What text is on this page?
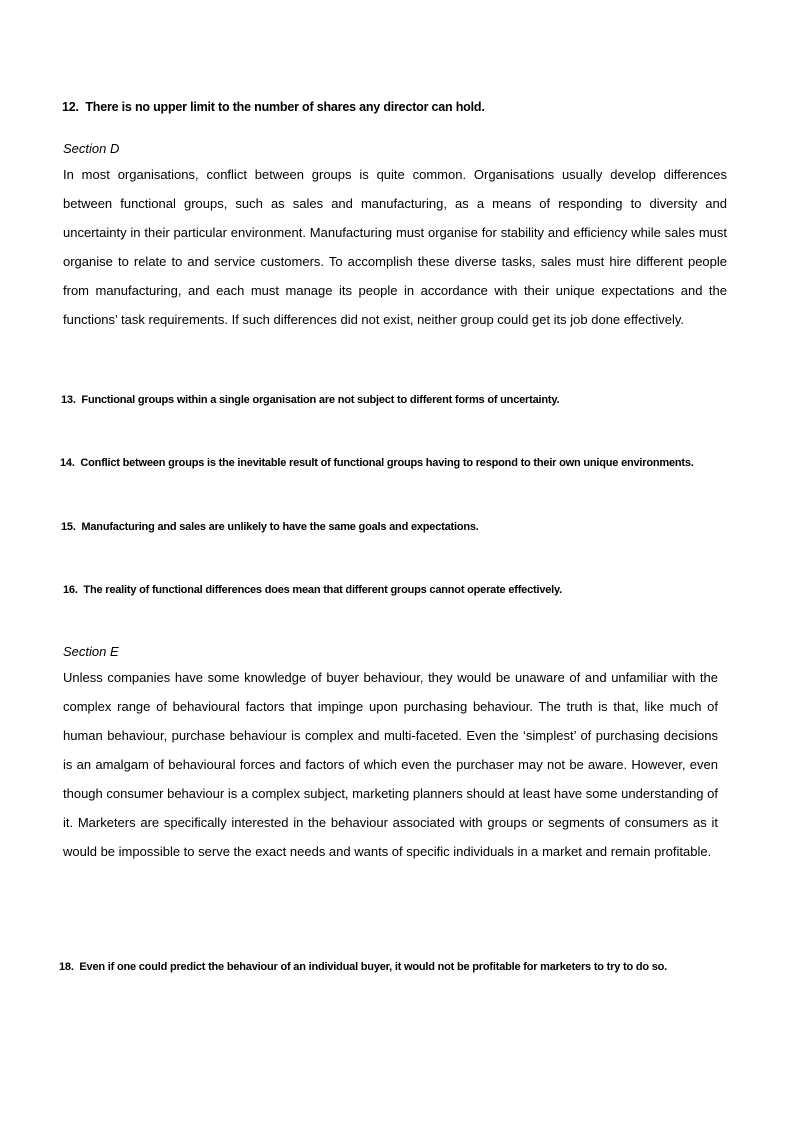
12. There is no upper limit to the number of shares any director can hold.

Section D

In most organisations, conflict between groups is quite common. Organisations usually develop differences between functional groups, such as sales and manufacturing, as a means of responding to diversity and uncertainty in their particular environment. Manufacturing must organise for stability and efficiency while sales must organise to relate to and service customers. To accomplish these diverse tasks, sales must hire different people from manufacturing, and each must manage its people in accordance with their unique expectations and the functions’ task requirements. If such differences did not exist, neither group could get its job done effectively.

13. Functional groups within a single organisation are not subject to different forms of uncertainty.

14. Conflict between groups is the inevitable result of functional groups having to respond to their own unique environments.

15. Manufacturing and sales are unlikely to have the same goals and expectations.

16. The reality of functional differences does mean that different groups cannot operate effectively.

Section E

Unless companies have some knowledge of buyer behaviour, they would be unaware of and unfamiliar with the complex range of behavioural factors that impinge upon purchasing behaviour. The truth is that, like much of human behaviour, purchase behaviour is complex and multi-faceted. Even the ‘simplest’ of purchasing decisions is an amalgam of behavioural forces and factors of which even the purchaser may not be aware. However, even though consumer behaviour is a complex subject, marketing planners should at least have some understanding of it. Marketers are specifically interested in the behaviour associated with groups or segments of consumers as it would be impossible to serve the exact needs and wants of specific individuals in a market and remain profitable.

18. Even if one could predict the behaviour of an individual buyer, it would not be profitable for marketers to try to do so.
